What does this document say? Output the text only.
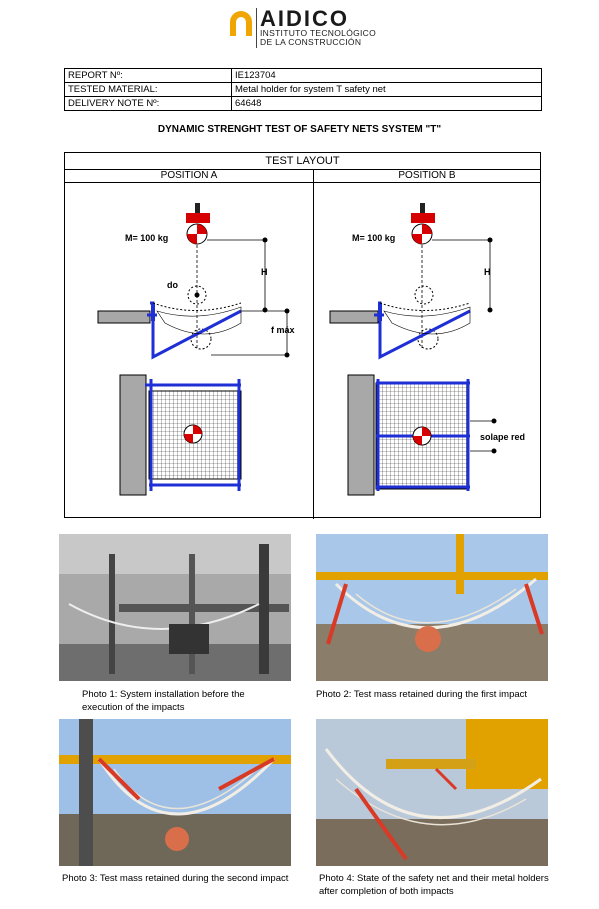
AIDICO
INSTITUTO TECNOLÓGICO
DE LA CONSTRUCCIÓN
REPORT Nº:	IE123704
TESTED MATERIAL:	Metal holder for system T safety net
DELIVERY NOTE Nº:	64648
DYNAMIC STRENGHT TEST OF SAFETY NETS SYSTEM "T"
TEST LAYOUT
POSITION A	POSITION B
M= 100 kg
H
do
f máx
M= 100 kg
H
solape red
Photo 1: System installation before the execution of the impacts
Photo 2: Test mass retained during the first impact
Photo 3: Test mass retained during the second impact	Photo 4: State of the safety net and their metal holders after completion of both impacts
